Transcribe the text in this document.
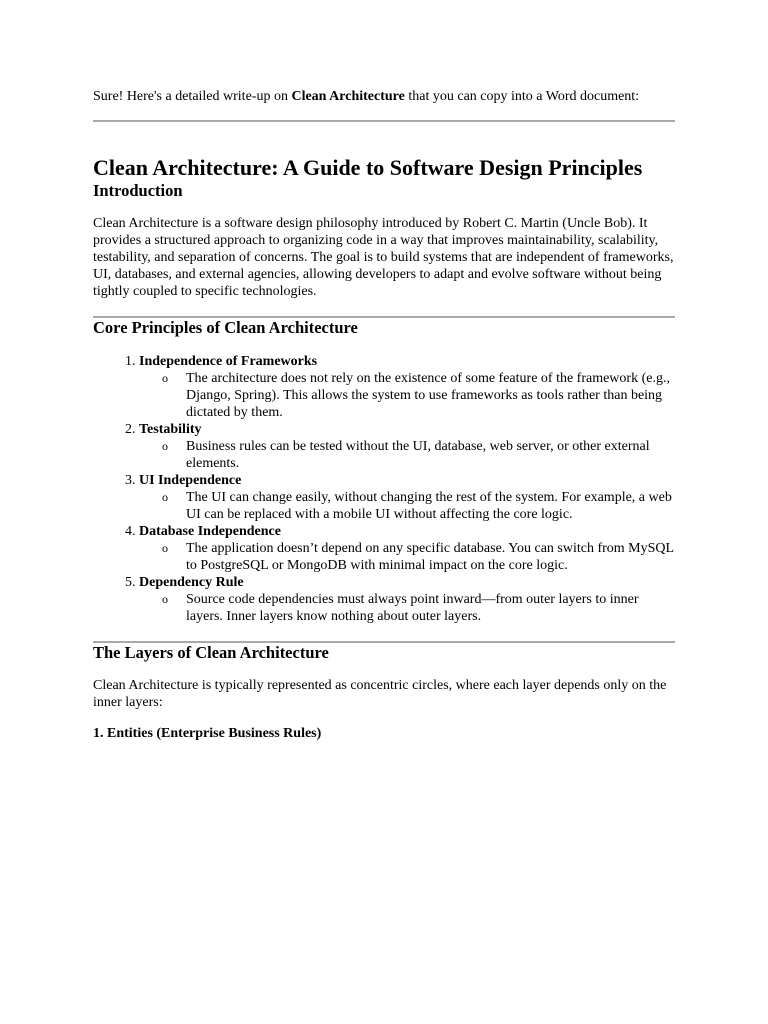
Sure! Here's a detailed write-up on Clean Architecture that you can copy into a Word document:

Clean Architecture: A Guide to Software Design Principles
Introduction

Clean Architecture is a software design philosophy introduced by Robert C. Martin (Uncle Bob). It provides a structured approach to organizing code in a way that improves maintainability, scalability, testability, and separation of concerns. The goal is to build systems that are independent of frameworks, UI, databases, and external agencies, allowing developers to adapt and evolve software without being tightly coupled to specific technologies.

Core Principles of Clean Architecture
1. Independence of Frameworks
o The architecture does not rely on the existence of some feature of the framework (e.g., Django, Spring). This allows the system to use frameworks as tools rather than being dictated by them.
2. Testability
o Business rules can be tested without the UI, database, web server, or other external elements.
3. UI Independence
o The UI can change easily, without changing the rest of the system. For example, a web UI can be replaced with a mobile UI without affecting the core logic.
4. Database Independence
o The application doesn’t depend on any specific database. You can switch from MySQL to PostgreSQL or MongoDB with minimal impact on the core logic.
5. Dependency Rule
o Source code dependencies must always point inward—from outer layers to inner layers. Inner layers know nothing about outer layers.
The Layers of Clean Architecture

Clean Architecture is typically represented as concentric circles, where each layer depends only on the inner layers:

1. Entities (Enterprise Business Rules)
